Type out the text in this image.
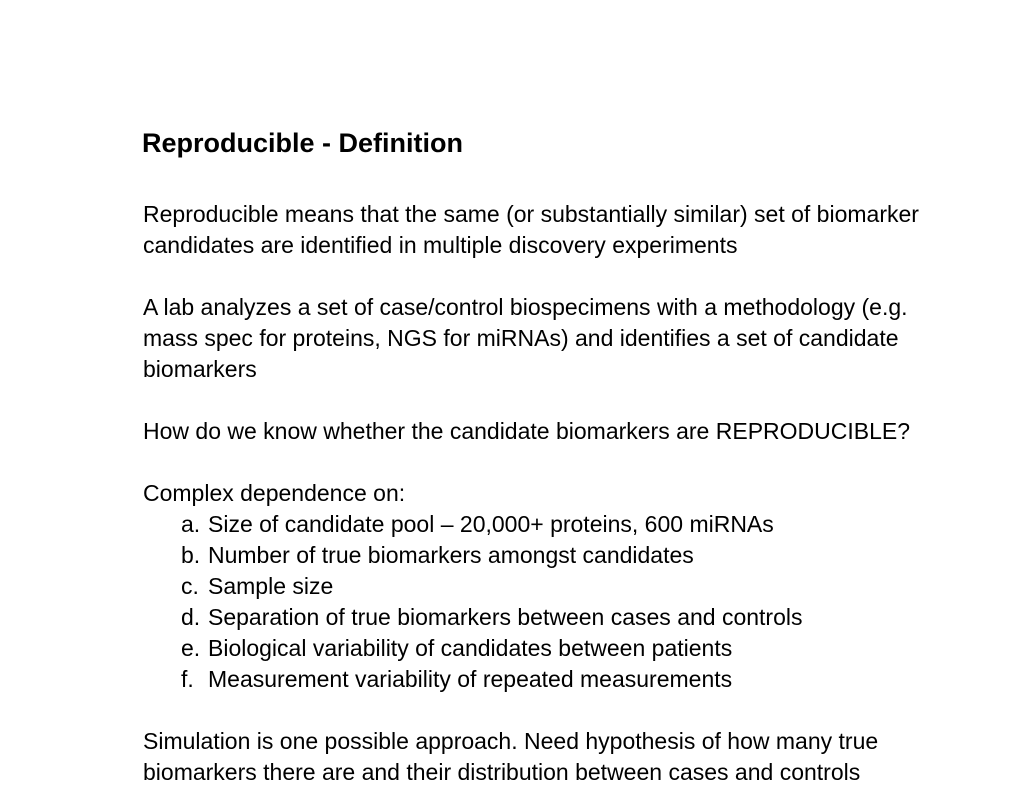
Reproducible - Definition

Reproducible means that the same (or substantially similar) set of biomarker
candidates are identified in multiple discovery experiments

A lab analyzes a set of case/control biospecimens with a methodology (e.g.
mass spec for proteins, NGS for miRNAs) and identifies a set of candidate
biomarkers

How do we know whether the candidate biomarkers are REPRODUCIBLE?

Complex dependence on:

a. Size of candidate pool – 20,000+ proteins, 600 miRNAs
b. Number of true biomarkers amongst candidates
c. Sample size
d. Separation of true biomarkers between cases and controls
e. Biological variability of candidates between patients
f. Measurement variability of repeated measurements

Simulation is one possible approach. Need hypothesis of how many true
biomarkers there are and their distribution between cases and controls
